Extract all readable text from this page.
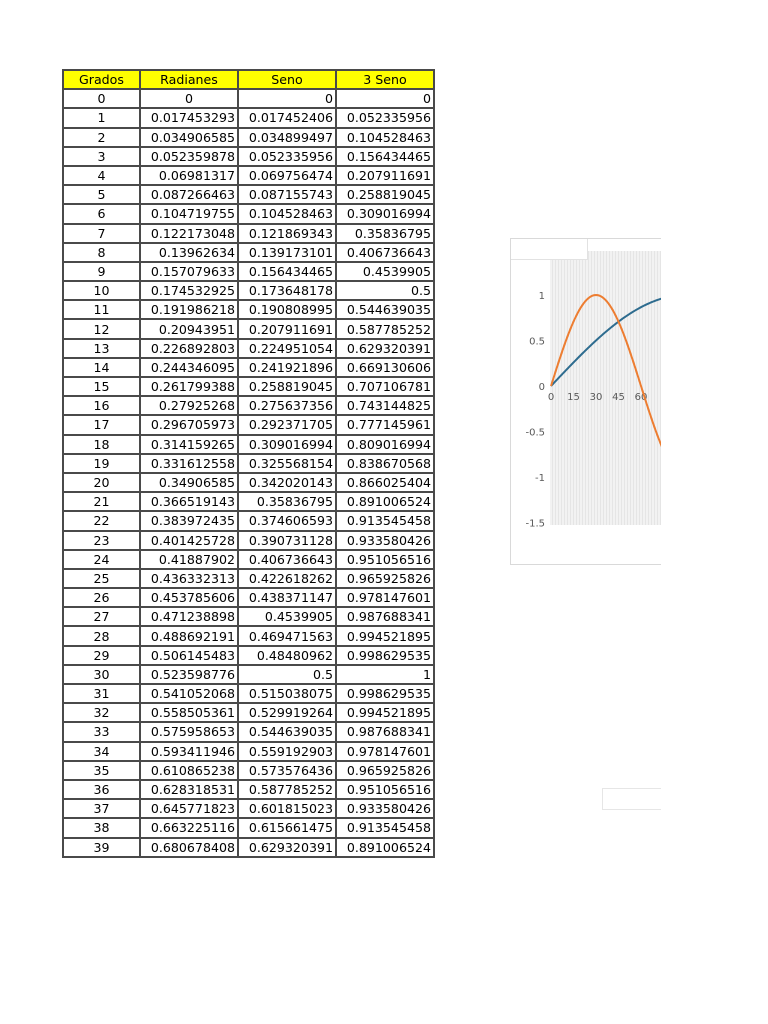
Grados	Radianes	Seno	3 Seno
0	0	0	0
1	0.017453293	0.017452406	0.052335956
2	0.034906585	0.034899497	0.104528463
3	0.052359878	0.052335956	0.156434465
4	0.06981317	0.069756474	0.207911691
5	0.087266463	0.087155743	0.258819045
6	0.104719755	0.104528463	0.309016994
7	0.122173048	0.121869343	0.35836795
8	0.13962634	0.139173101	0.406736643
9	0.157079633	0.156434465	0.4539905
10	0.174532925	0.173648178	0.5
11	0.191986218	0.190808995	0.544639035
12	0.20943951	0.207911691	0.587785252
13	0.226892803	0.224951054	0.629320391
14	0.244346095	0.241921896	0.669130606
15	0.261799388	0.258819045	0.707106781
16	0.27925268	0.275637356	0.743144825
17	0.296705973	0.292371705	0.777145961
18	0.314159265	0.309016994	0.809016994
19	0.331612558	0.325568154	0.838670568
20	0.34906585	0.342020143	0.866025404
21	0.366519143	0.35836795	0.891006524
22	0.383972435	0.374606593	0.913545458
23	0.401425728	0.390731128	0.933580426
24	0.41887902	0.406736643	0.951056516
25	0.436332313	0.422618262	0.965925826
26	0.453785606	0.438371147	0.978147601
27	0.471238898	0.4539905	0.987688341
28	0.488692191	0.469471563	0.994521895
29	0.506145483	0.48480962	0.998629535
30	0.523598776	0.5	1
31	0.541052068	0.515038075	0.998629535
32	0.558505361	0.529919264	0.994521895
33	0.575958653	0.544639035	0.987688341
34	0.593411946	0.559192903	0.978147601
35	0.610865238	0.573576436	0.965925826
36	0.628318531	0.587785252	0.951056516
37	0.645771823	0.601815023	0.933580426
38	0.663225116	0.615661475	0.913545458
39	0.680678408	0.629320391	0.891006524
1
0.5
0
-0.5
-1
-1.5
0 15 30 45 60
